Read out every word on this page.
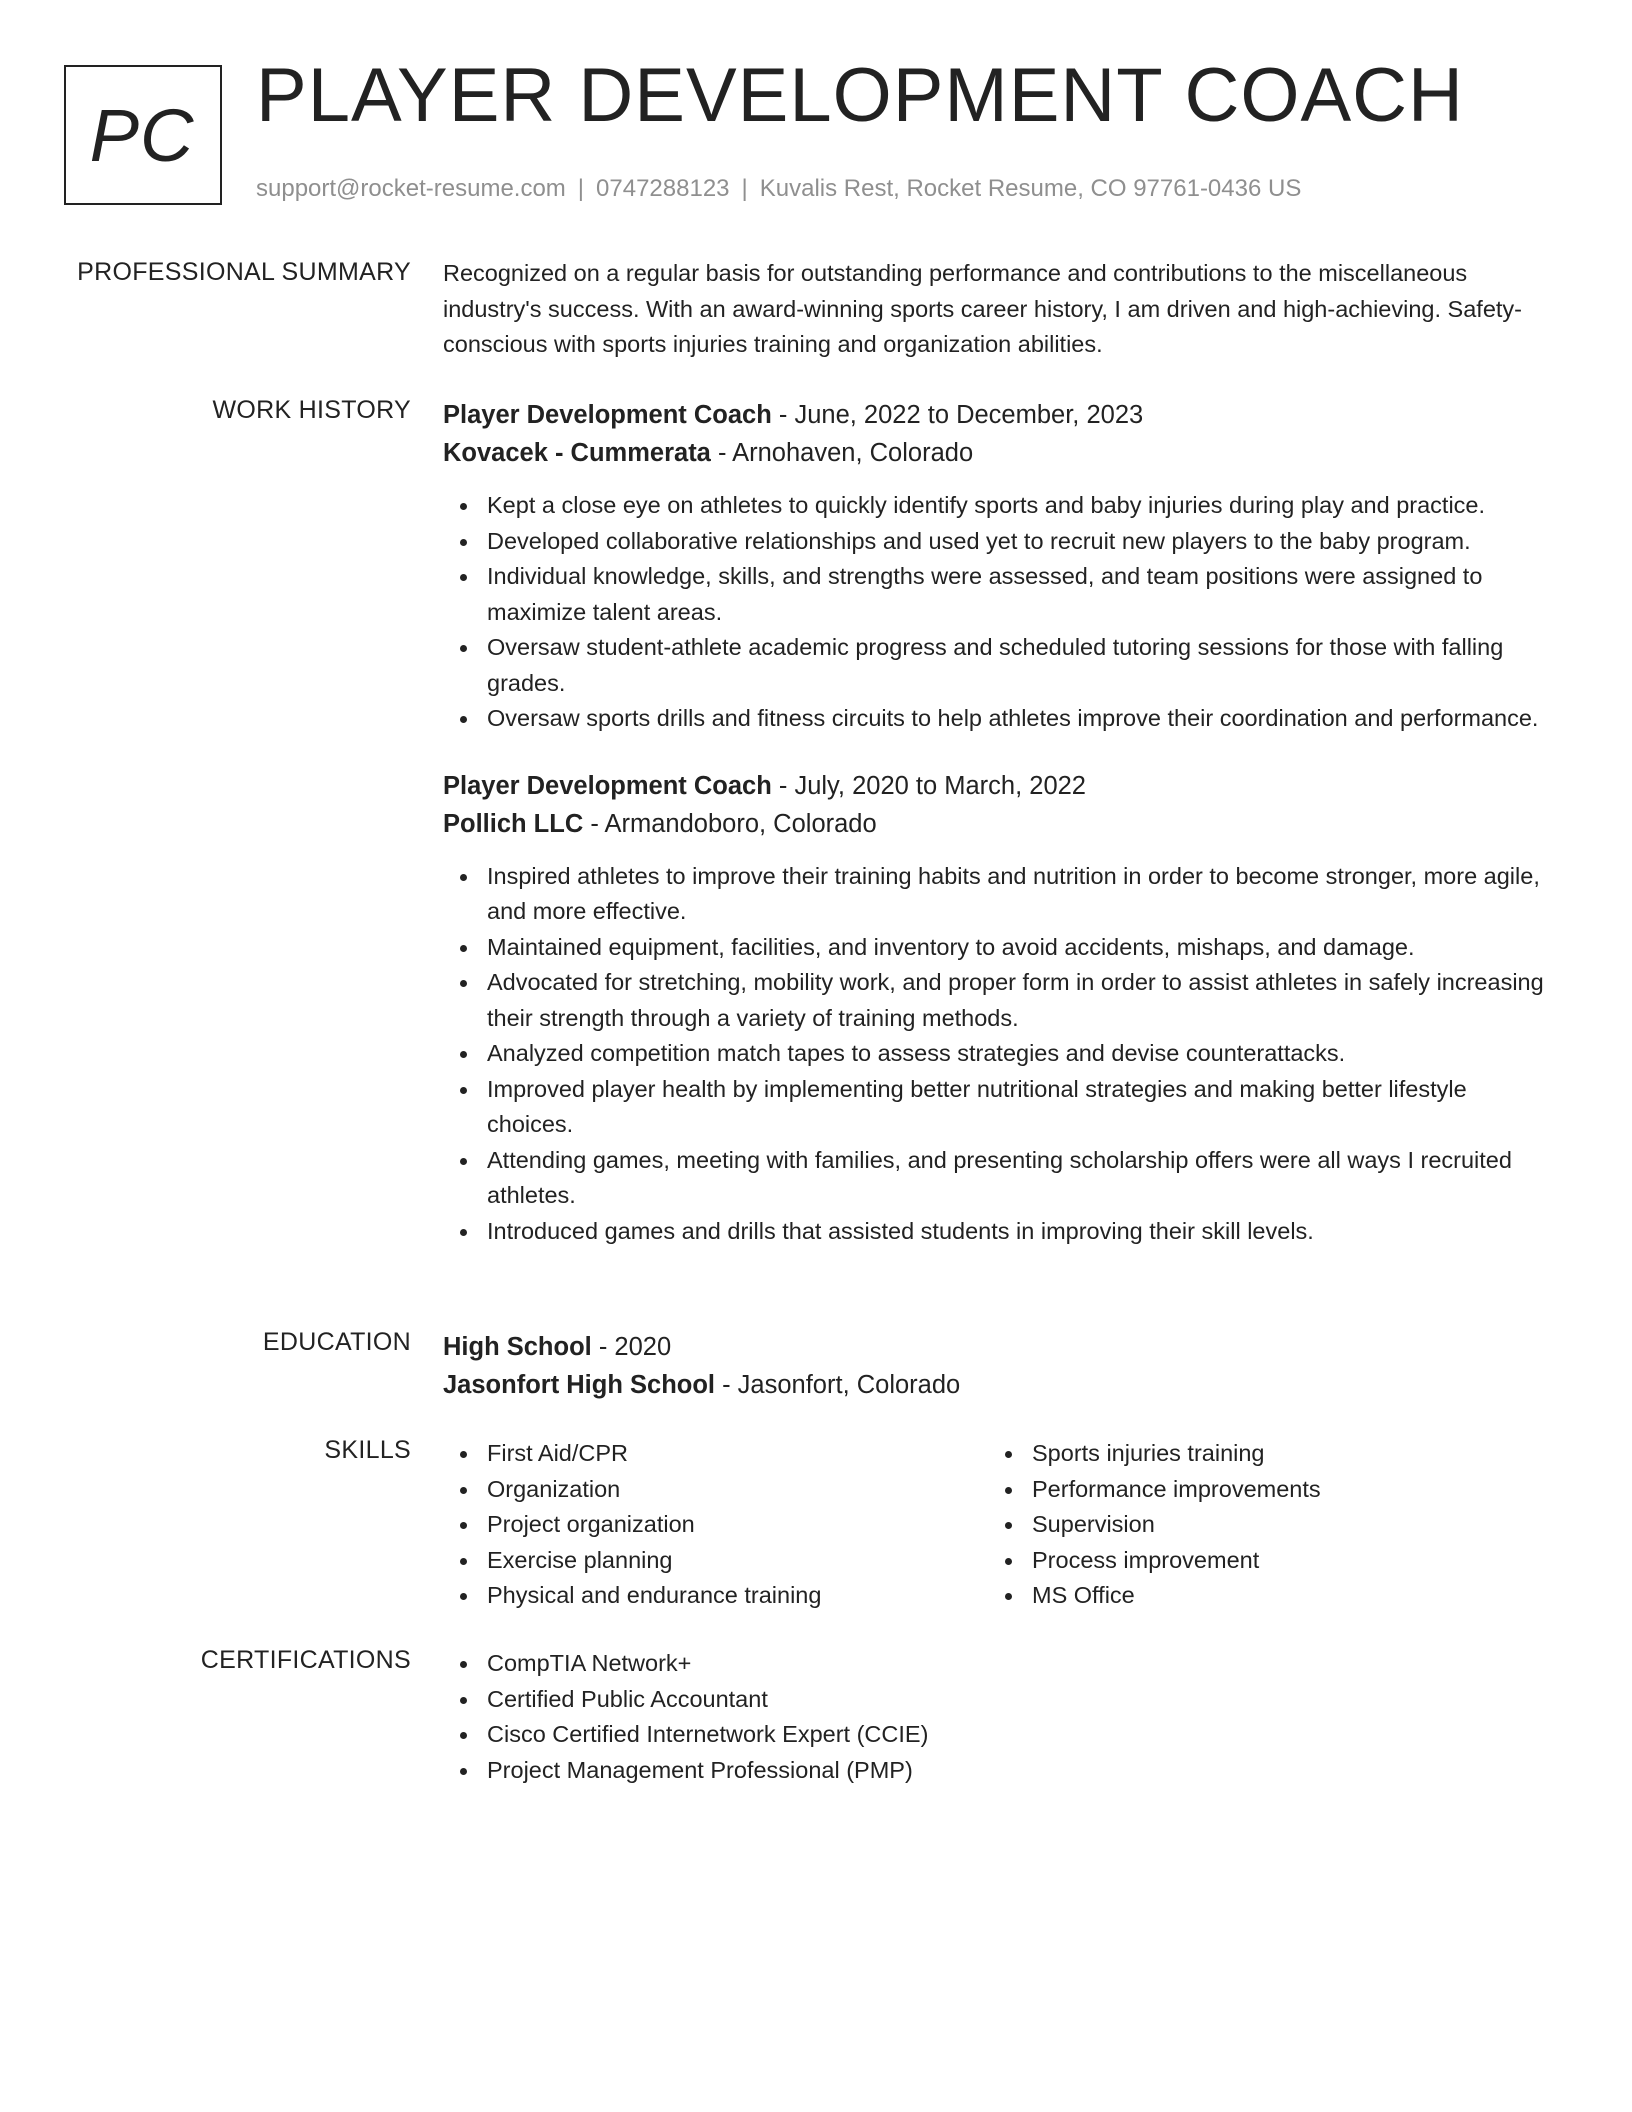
PC PLAYER DEVELOPMENT COACH
support@rocket-resume.com | 0747288123 | Kuvalis Rest, Rocket Resume, CO 97761-0436 US
PROFESSIONAL SUMMARY Recognized on a regular basis for outstanding performance and contributions to the miscellaneous industry's success. With an award-winning sports career history, I am driven and high-achieving. Safety-conscious with sports injuries training and organization abilities.

WORK HISTORY Player Development Coach - June, 2022 to December, 2023

Kovacek - Cummerata - Arnohaven, Colorado

Kept a close eye on athletes to quickly identify sports and baby injuries during play and practice.
Developed collaborative relationships and used yet to recruit new players to the baby program.
Individual knowledge, skills, and strengths were assessed, and team positions were assigned to maximize talent areas.
Oversaw student-athlete academic progress and scheduled tutoring sessions for those with falling grades.
Oversaw sports drills and fitness circuits to help athletes improve their coordination and performance.

Player Development Coach - July, 2020 to March, 2022

Pollich LLC - Armandoboro, Colorado

Inspired athletes to improve their training habits and nutrition in order to become stronger, more agile, and more effective.
Maintained equipment, facilities, and inventory to avoid accidents, mishaps, and damage.
Advocated for stretching, mobility work, and proper form in order to assist athletes in safely increasing their strength through a variety of training methods.
Analyzed competition match tapes to assess strategies and devise counterattacks.
Improved player health by implementing better nutritional strategies and making better lifestyle choices.
Attending games, meeting with families, and presenting scholarship offers were all ways I recruited athletes.
Introduced games and drills that assisted students in improving their skill levels.
EDUCATION High School - 2020

Jasonfort High School - Jasonfort, Colorado

SKILLS	First Aid/CPR
Organization
Project organization
Exercise planning
Physical and endurance training
Sports injuries training
Performance improvements
Supervision
Process improvement
MS Office
CERTIFICATIONS	CompTIA Network+
Certified Public Accountant
Cisco Certified Internetwork Expert (CCIE)
Project Management Professional (PMP)
